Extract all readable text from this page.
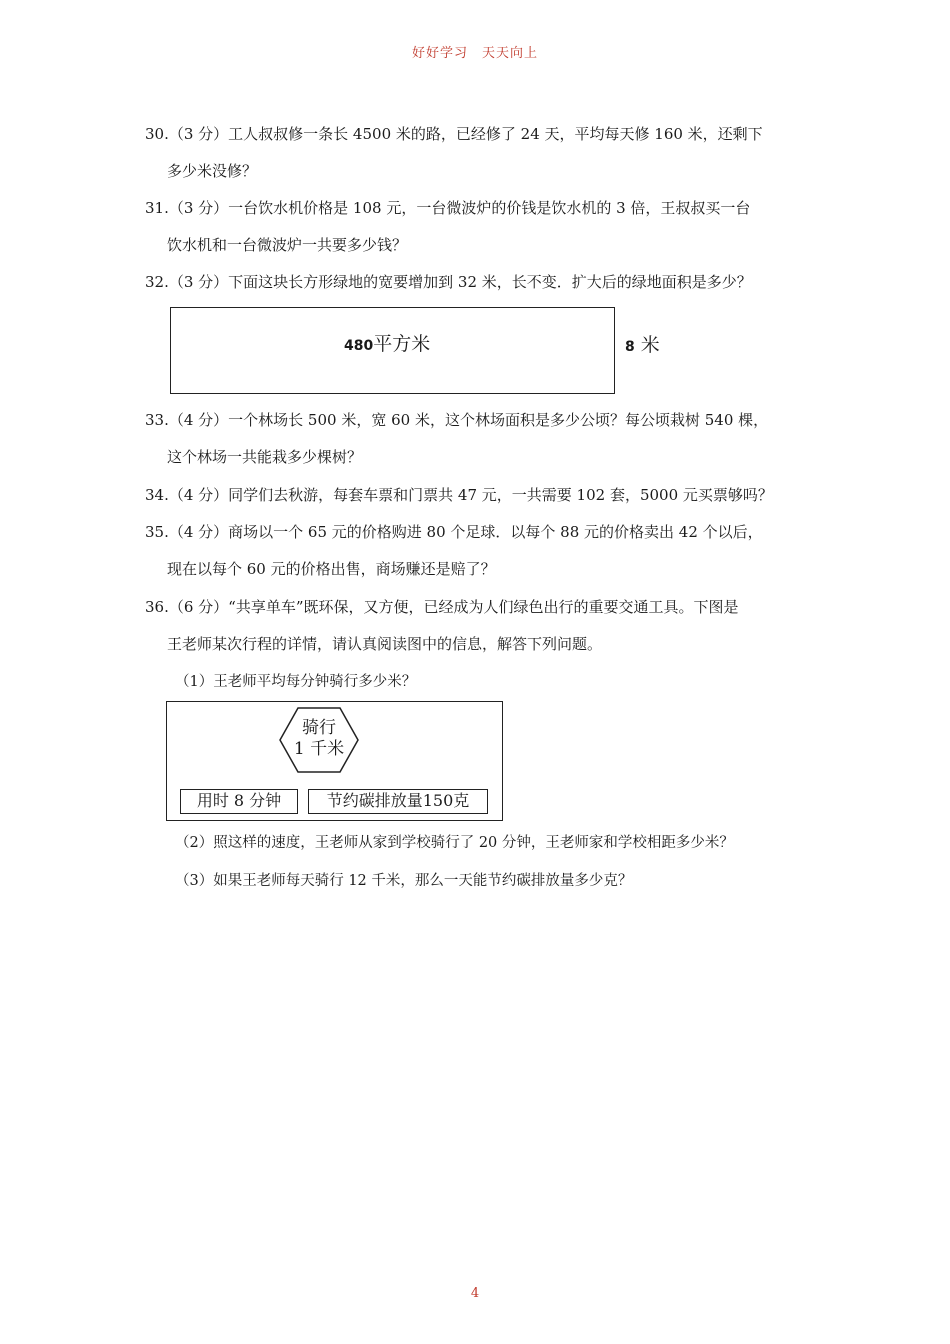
好好学习　天天向上
30.（3 分）工人叔叔修一条长 4500 米的路，已经修了 24 天，平均每天修 160 米，还剩下
多少米没修？
31.（3 分）一台饮水机价格是 108 元，一台微波炉的价钱是饮水机的 3 倍，王叔叔买一台
饮水机和一台微波炉一共要多少钱？
32.（3 分）下面这块长方形绿地的宽要增加到 32 米，长不变．扩大后的绿地面积是多少？
480平方米	8 米
33.（4 分）一个林场长 500 米，宽 60 米，这个林场面积是多少公顷？每公顷栽树 540 棵，
这个林场一共能栽多少棵树？
34.（4 分）同学们去秋游，每套车票和门票共 47 元，一共需要 102 套，5000 元买票够吗？
35.（4 分）商场以一个 65 元的价格购进 80 个足球．以每个 88 元的价格卖出 42 个以后，
现在以每个 60 元的价格出售，商场赚还是赔了？
36.（6 分）“共享单车”既环保，又方便，已经成为人们绿色出行的重要交通工具。下图是
王老师某次行程的详情，请认真阅读图中的信息，解答下列问题。
（1）王老师平均每分钟骑行多少米？
骑行
1 千米
用时 8 分钟	节约碳排放量150克
（2）照这样的速度，王老师从家到学校骑行了 20 分钟，王老师家和学校相距多少米？
（3）如果王老师每天骑行 12 千米，那么一天能节约碳排放量多少克？
4
